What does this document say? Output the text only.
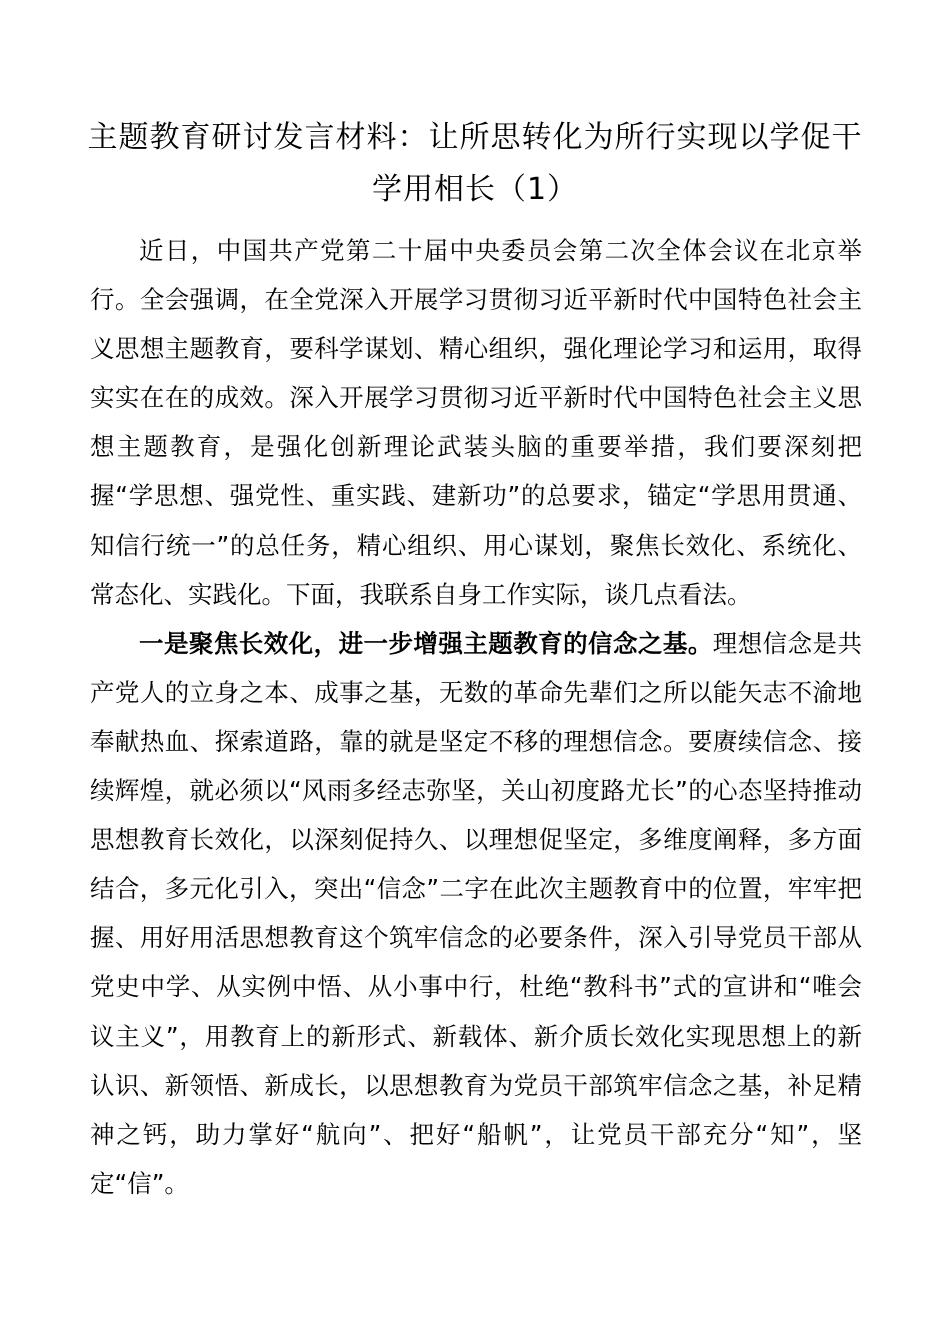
主题教育研讨发言材料：让所思转化为所行实现以学促干学用相长（1）

近日，中国共产党第二十届中央委员会第二次全体会议在北京举行。全会强调，在全党深入开展学习贯彻习近平新时代中国特色社会主义思想主题教育，要科学谋划、精心组织，强化理论学习和运用，取得实实在在的成效。深入开展学习贯彻习近平新时代中国特色社会主义思想主题教育，是强化创新理论武装头脑的重要举措，我们要深刻把握“学思想、强党性、重实践、建新功”的总要求，锚定“学思用贯通、知信行统一”的总任务，精心组织、用心谋划，聚焦长效化、系统化、常态化、实践化。下面，我联系自身工作实际，谈几点看法。

一是聚焦长效化，进一步增强主题教育的信念之基。理想信念是共产党人的立身之本、成事之基，无数的革命先辈们之所以能矢志不渝地奉献热血、探索道路，靠的就是坚定不移的理想信念。要赓续信念、接续辉煌，就必须以“风雨多经志弥坚，关山初度路尤长”的心态坚持推动思想教育长效化，以深刻促持久、以理想促坚定，多维度阐释，多方面结合，多元化引入，突出“信念”二字在此次主题教育中的位置，牢牢把握、用好用活思想教育这个筑牢信念的必要条件，深入引导党员干部从党史中学、从实例中悟、从小事中行，杜绝“教科书”式的宣讲和“唯会议主义”，用教育上的新形式、新载体、新介质长效化实现思想上的新认识、新领悟、新成长，以思想教育为党员干部筑牢信念之基，补足精神之钙，助力掌好“航向”、把好“船帆”，让党员干部充分“知”，坚定“信”。
